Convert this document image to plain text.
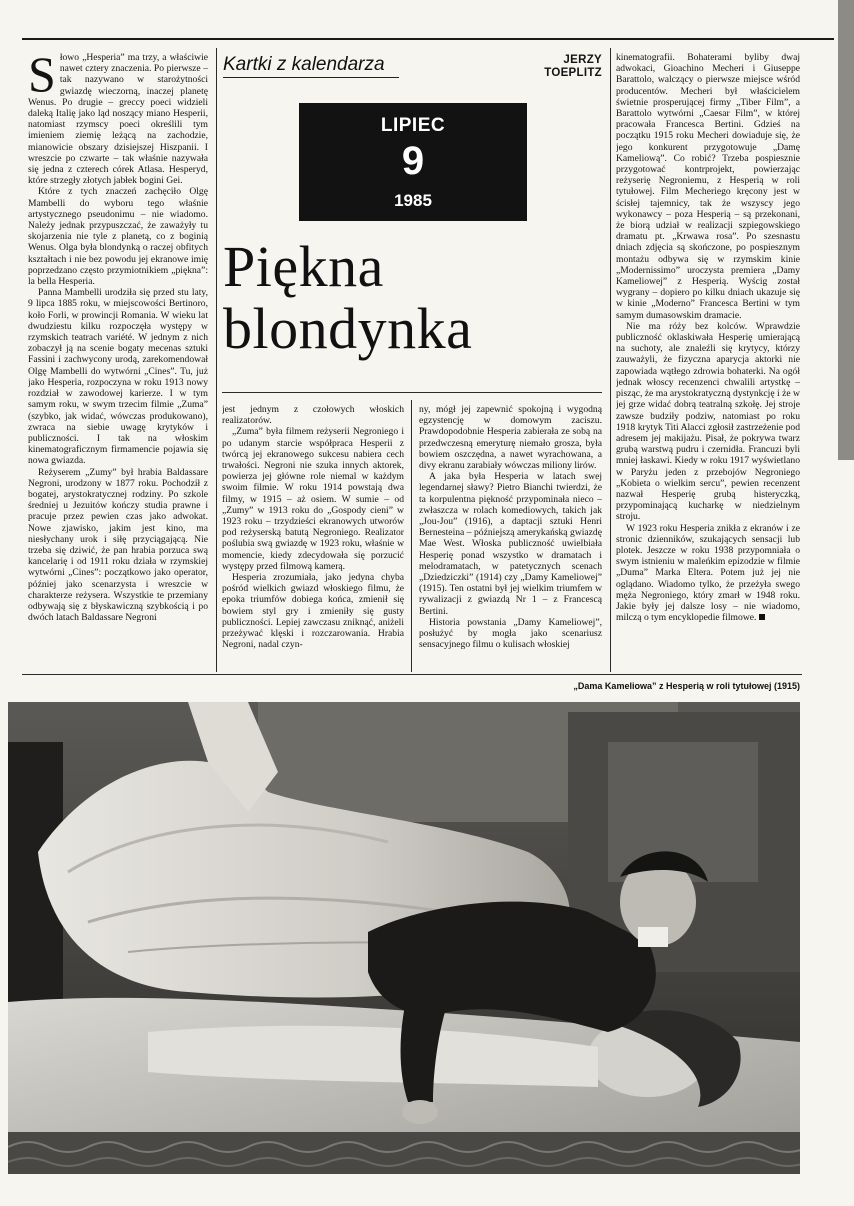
Słowo „Hesperia” ma trzy, a właściwie nawet cztery znaczenia. Po pierwsze – tak nazywano w starożytności gwiazdę wieczorną, inaczej planetę Wenus. Po drugie – greccy poeci widzieli daleką Italię jako ląd noszący miano Hesperii, natomiast rzymscy poeci określili tym imieniem ziemię leżącą na zachodzie, mianowicie obszary dzisiejszej Hiszpanii. I wreszcie po czwarte – tak właśnie nazywała się jedna z czterech córek Atlasa. Hesperyd, które strzegły złotych jabłek bogini Gei.

Które z tych znaczeń zachęciło Olgę Mambelli do wyboru tego właśnie artystycznego pseudonimu – nie wiadomo. Należy jednak przypuszczać, że zaważyły tu skojarzenia nie tyle z planetą, co z boginią Wenus. Olga była blondynką o raczej obfitych kształtach i nie bez powodu jej ekranowe imię poprzedzano często przymiotnikiem „piękna”: la bella Hesperia.

Panna Mambelli urodziła się przed stu laty, 9 lipca 1885 roku, w miejscowości Bertinoro, koło Forli, w prowincji Romania. W wieku lat dwudziestu kilku rozpoczęła występy w rzymskich teatrach variété. W jednym z nich zobaczył ją na scenie bogaty mecenas sztuki Fassini i zachwycony urodą, zarekomendował Olgę Mambelli do wytwórni „Cines”. Tu, już jako Hesperia, rozpoczyna w roku 1913 nowy rozdział w zawodowej karierze. I w tym samym roku, w swym trzecim filmie „Zuma” (szybko, jak widać, wówczas produkowano), zwraca na siebie uwagę krytyków i publiczności. I tak na włoskim kinematograficznym firmamencie pojawia się nowa gwiazda.

Reżyserem „Zumy” był hrabia Baldassare Negroni, urodzony w 1877 roku. Pochodził z bogatej, arystokratycznej rodziny. Po szkole średniej u Jezuitów kończy studia prawne i pracuje przez pewien czas jako adwokat. Nowe zjawisko, jakim jest kino, ma niesłychany urok i siłę przyciągającą. Nie trzeba się dziwić, że pan hrabia porzuca swą kancelarię i od 1911 roku działa w rzymskiej wytwórni „Cines”: początkowo jako operator, później jako scenarzysta i wreszcie w charakterze reżysera. Wszystkie te przemiany odbywają się z błyskawiczną szybkością i po dwóch latach Baldassare Negroni

Kartki z kalendarza	JERZY
TOEPLITZ
LIPIEC
9
1985
Piękna
blondynka

jest jednym z czołowych włoskich realizatorów.

„Zuma” była filmem reżyserii Negroniego i po udanym starcie współpraca Hesperii z twórcą jej ekranowego sukcesu nabiera cech trwałości. Negroni nie szuka innych aktorek, powierza jej główne role niemal w każdym swoim filmie. W roku 1914 powstają dwa filmy, w 1915 – aż osiem. W sumie – od „Zumy” w 1913 roku do „Gospody cieni” w 1923 roku – trzydzieści ekranowych utworów pod reżyserską batutą Negroniego. Realizator poślubia swą gwiazdę w 1923 roku, właśnie w momencie, kiedy zdecydowała się porzucić występy przed filmową kamerą.

Hesperia zrozumiała, jako jedyna chyba pośród wielkich gwiazd włoskiego filmu, że epoka triumfów dobiega końca, zmienił się bowiem styl gry i zmieniły się gusty publiczności. Lepiej zawczasu zniknąć, aniżeli przeżywać klęski i rozczarowania. Hrabia Negroni, nadal czyn-

ny, mógł jej zapewnić spokojną i wygodną egzystencję w domowym zaciszu. Prawdopodobnie Hesperia zabierała ze sobą na przedwczesną emeryturę niemało grosza, była bowiem oszczędna, a nawet wyrachowana, a divy ekranu zarabiały wówczas miliony lirów.

A jaka była Hesperia w latach swej legendarnej sławy? Pietro Bianchi twierdzi, że ta korpulentna piękność przypominała nieco – zwłaszcza w rolach komediowych, takich jak „Jou-Jou” (1916), a daptacji sztuki Henri Bernesteina – późniejszą amerykańską gwiazdę Mae West. Włoska publiczność uwielbiała Hesperię ponad wszystko w dramatach i melodramatach, w patetycznych scenach „Dziedziczki” (1914) czy „Damy Kameliowej” (1915). Ten ostatni był jej wielkim triumfem w rywalizacji z gwiazdą Nr 1 – z Francescą Bertini.

Historia powstania „Damy Kameliowej”, posłużyć by mogła jako scenariusz sensacyjnego filmu o kulisach włoskiej

kinematografii. Bohaterami byliby dwaj adwokaci, Gioachino Mecheri i Giuseppe Barattolo, walczący o pierwsze miejsce wśród producentów. Mecheri był właścicielem świetnie prosperującej firmy „Tiber Film”, a Barattolo wytwórni „Caesar Film”, w której pracowała Francesca Bertini. Gdzieś na początku 1915 roku Mecheri dowiaduje się, że jego konkurent przygotowuje „Damę Kameliową”. Co robić? Trzeba pospiesznie przygotować kontrprojekt, powierzając reżyserię Negroniemu, z Hesperią w roli tytułowej. Film Mecheriego kręcony jest w ścisłej tajemnicy, tak że wszyscy jego wykonawcy – poza Hesperią – są przekonani, że biorą udział w realizacji szpiegowskiego dramatu pt. „Krwawa rosa”. Po szesnastu dniach zdjęcia są skończone, po pospiesznym montażu odbywa się w rzymskim kinie „Modernissimo” uroczysta premiera „Damy Kameliowej” z Hesperią. Wyścig został wygrany – dopiero po kilku dniach ukazuje się w kinie „Moderno” Francesca Bertini w tym samym dumasowskim dramacie.

Nie ma róży bez kolców. Wprawdzie publiczność oklaskiwała Hesperię umierającą na suchoty, ale znaleźli się krytycy, którzy zauważyli, że fizyczna aparycja aktorki nie zapowiada wątłego zdrowia bohaterki. Na ogół jednak włoscy recenzenci chwalili artystkę – pisząc, że ma arystokratyczną dystynkcję i że w jej grze widać dobrą teatralną szkołę. Jej stroje zawsze budziły podziw, natomiast po roku 1918 krytyk Titi Alacci zgłosił zastrzeżenie pod adresem jej makijażu. Pisał, że pokrywa twarz grubą warstwą pudru i czernidła. Francuzi byli mniej łaskawi. Kiedy w roku 1917 wyświetlano w Paryżu jeden z przebojów Negroniego „Kobieta o wielkim sercu”, pewien recenzent nazwał Hesperię grubą histeryczką, przypominającą kucharkę w niedzielnym stroju.

W 1923 roku Hesperia znikła z ekranów i ze stronic dzienników, szukających sensacji lub plotek. Jeszcze w roku 1938 przypomniała o swym istnieniu w maleńkim epizodzie w filmie „Duma” Marka Eltera. Potem już jej nie oglądano. Wiadomo tylko, że przeżyła swego męża Negroniego, który zmarł w 1948 roku. Jakie były jej dalsze losy – nie wiadomo, milczą o tym encyklopedie filmowe.

„Dama Kameliowa” z Hesperią w roli tytułowej (1915)
